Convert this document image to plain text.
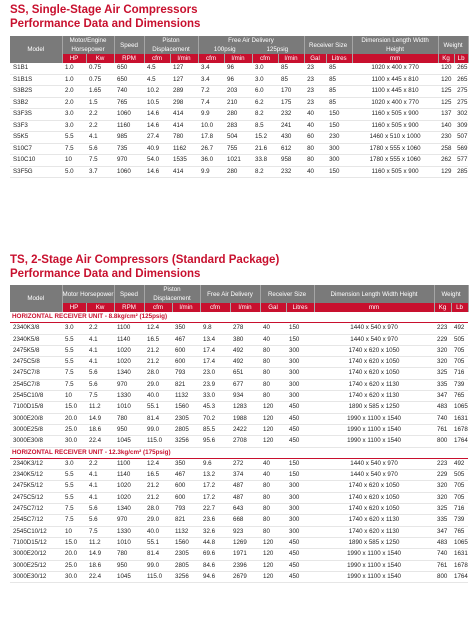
SS, Single-Stage Air Compressors
Performance Data and Dimensions
Model	Motor/Engine Horsepower		Speed	Piston Displacement		Free Air Delivery
100psig 125psig				Receiver Size		Dimension Length Width Height	Weight	
	HP	Kw	RPM	cfm	l/min	cfm	l/min	cfm	l/min	Gal	Litres	mm	Kg	Lb
S1B1	1.0	0.75	650	4.5	127	3.4	96	3.0	85	23	85	1020 x 400 x 770	120	265
S1B1S	1.0	0.75	650	4.5	127	3.4	96	3.0	85	23	85	1100 x 445 x 810	120	265
S3B2S	2.0	1.65	740	10.2	289	7.2	203	6.0	170	23	85	1100 x 445 x 810	125	275
S3B2	2.0	1.5	765	10.5	298	7.4	210	6.2	175	23	85	1020 x 400 x 770	125	275
S3F3S	3.0	2.2	1060	14.6	414	9.9	280	8.2	232	40	150	1160 x 505 x 900	137	302
S3F3	3.0	2.2	1160	14.6	414	10.0	283	8.5	241	40	150	1160 x 505 x 900	140	309
S5K5	5.5	4.1	985	27.4	780	17.8	504	15.2	430	60	230	1460 x 510 x 1000	230	507
S10C7	7.5	5.6	735	40.9	1162	26.7	755	21.6	612	80	300	1780 x 555 x 1060	258	569
S10C10	10	7.5	970	54.0	1535	36.0	1021	33.8	958	80	300	1780 x 555 x 1060	262	577
S3F5G	5.0	3.7	1060	14.6	414	9.9	280	8.2	232	40	150	1160 x 505 x 900	129	285
TS, 2-Stage Air Compressors (Standard Package)
Performance Data and Dimensions
Model	Motor Horsepower		Speed	Piston Displacement		Free Air Delivery		Receiver Size		Dimension Length Width Height	Weight	
	HP	Kw	RPM	cfm	l/min	cfm	l/min	Gal	Litres	mm	Kg	Lb
HORIZONTAL RECEIVER UNIT - 8.8kg/cm² (125psig)												
2340K3/8	3.0	2.2	1100	12.4	350	9.8	278	40	150	1440 x 540 x 970	223	492
2340K5/8	5.5	4.1	1140	16.5	467	13.4	380	40	150	1440 x 540 x 970	229	505
2475K5/8	5.5	4.1	1020	21.2	600	17.4	492	80	300	1740 x 620 x 1050	320	705
2475C5/8	5.5	4.1	1020	21.2	600	17.4	492	80	300	1740 x 620 x 1050	320	705
2475C7/8	7.5	5.6	1340	28.0	793	23.0	651	80	300	1740 x 620 x 1050	325	716
2545C7/8	7.5	5.6	970	29.0	821	23.9	677	80	300	1740 x 620 x 1130	335	739
2545C10/8	10	7.5	1330	40.0	1132	33.0	934	80	300	1740 x 620 x 1130	347	765
7100D15/8	15.0	11.2	1010	55.1	1560	45.3	1283	120	450	1890 x 585 x 1250	483	1065
3000E20/8	20.0	14.9	780	81.4	2305	70.2	1988	120	450	1990 x 1100 x 1540	740	1631
3000E25/8	25.0	18.6	950	99.0	2805	85.5	2422	120	450	1990 x 1100 x 1540	761	1678
3000E30/8	30.0	22.4	1045	115.0	3256	95.6	2708	120	450	1990 x 1100 x 1540	800	1764
HORIZONTAL RECEIVER UNIT - 12.3kg/cm² (175psig)												
2340K3/12	3.0	2.2	1100	12.4	350	9.6	272	40	150	1440 x 540 x 970	223	492
2340K5/12	5.5	4.1	1140	16.5	467	13.2	374	40	150	1440 x 540 x 970	229	505
2475K5/12	5.5	4.1	1020	21.2	600	17.2	487	80	300	1740 x 620 x 1050	320	705
2475C5/12	5.5	4.1	1020	21.2	600	17.2	487	80	300	1740 x 620 x 1050	320	705
2475C7/12	7.5	5.6	1340	28.0	793	22.7	643	80	300	1740 x 620 x 1050	325	716
2545C7/12	7.5	5.6	970	29.0	821	23.6	668	80	300	1740 x 620 x 1130	335	739
2545C10/12	10	7.5	1330	40.0	1132	32.6	923	80	300	1740 x 620 x 1130	347	765
7100D15/12	15.0	11.2	1010	55.1	1560	44.8	1269	120	450	1890 x 585 x 1250	483	1065
3000E20/12	20.0	14.9	780	81.4	2305	69.6	1971	120	450	1990 x 1100 x 1540	740	1631
3000E25/12	25.0	18.6	950	99.0	2805	84.6	2396	120	450	1990 x 1100 x 1540	761	1678
3000E30/12	30.0	22.4	1045	115.0	3256	94.6	2679	120	450	1990 x 1100 x 1540	800	1764
